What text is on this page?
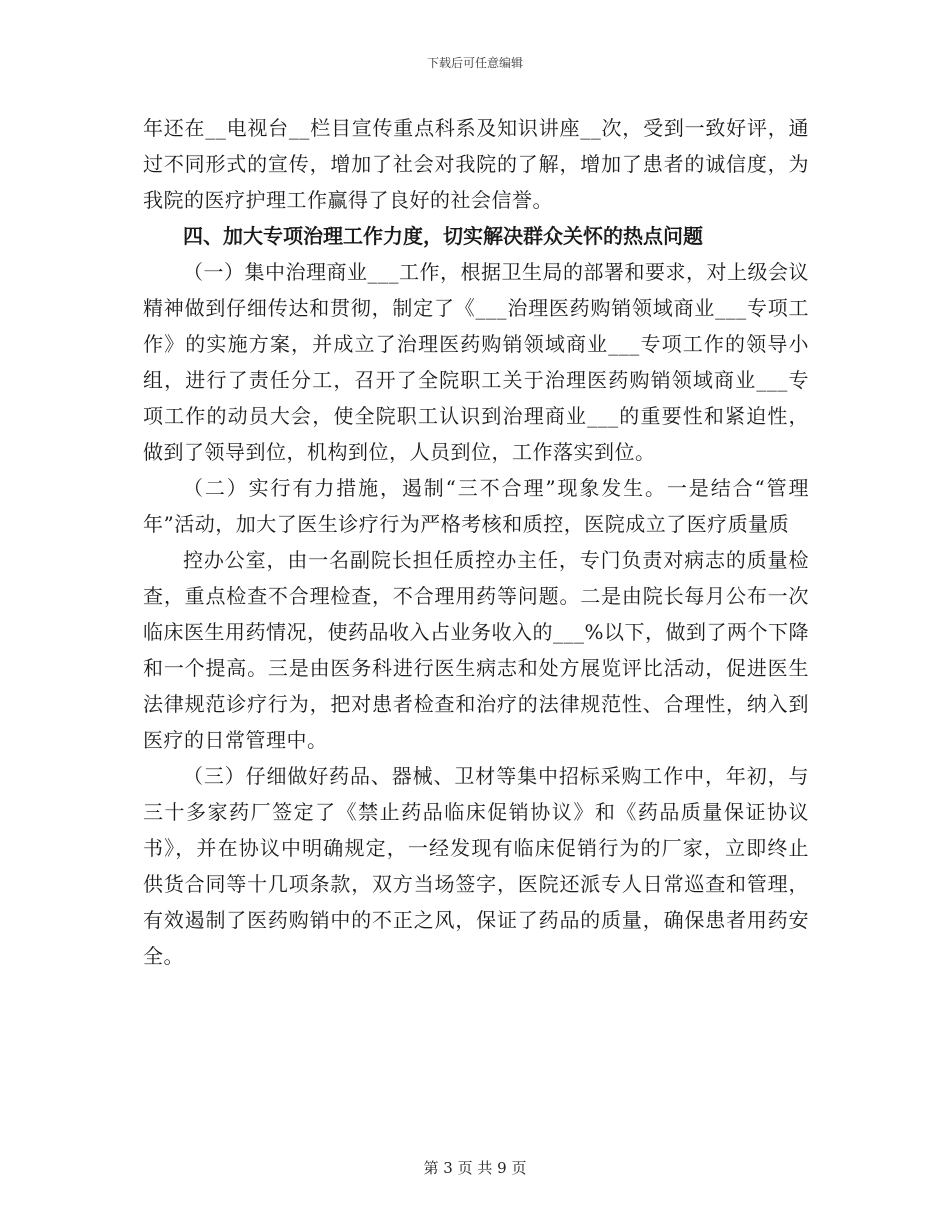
下载后可任意编辑

年还在__电视台__栏目宣传重点科系及知识讲座__次，受到一致好评，通过不同形式的宣传，增加了社会对我院的了解，增加了患者的诚信度，为我院的医疗护理工作赢得了良好的社会信誉。

四、加大专项治理工作力度，切实解决群众关怀的热点问题

（一）集中治理商业___工作，根据卫生局的部署和要求，对上级会议精神做到仔细传达和贯彻，制定了《___治理医药购销领域商业___专项工作》的实施方案，并成立了治理医药购销领域商业___专项工作的领导小组，进行了责任分工，召开了全院职工关于治理医药购销领域商业___专项工作的动员大会，使全院职工认识到治理商业___的重要性和紧迫性，做到了领导到位，机构到位，人员到位，工作落实到位。

（二）实行有力措施，遏制“三不合理”现象发生。一是结合“管理年”活动，加大了医生诊疗行为严格考核和质控，医院成立了医疗质量质

控办公室，由一名副院长担任质控办主任，专门负责对病志的质量检查，重点检查不合理检查，不合理用药等问题。二是由院长每月公布一次临床医生用药情况，使药品收入占业务收入的___%以下，做到了两个下降和一个提高。三是由医务科进行医生病志和处方展览评比活动，促进医生法律规范诊疗行为，把对患者检查和治疗的法律规范性、合理性，纳入到医疗的日常管理中。

（三）仔细做好药品、器械、卫材等集中招标采购工作中，年初，与三十多家药厂签定了《禁止药品临床促销协议》和《药品质量保证协议书》，并在协议中明确规定，一经发现有临床促销行为的厂家，立即终止供货合同等十几项条款，双方当场签字，医院还派专人日常巡查和管理，有效遏制了医药购销中的不正之风，保证了药品的质量，确保患者用药安全。

第 3 页 共 9 页
